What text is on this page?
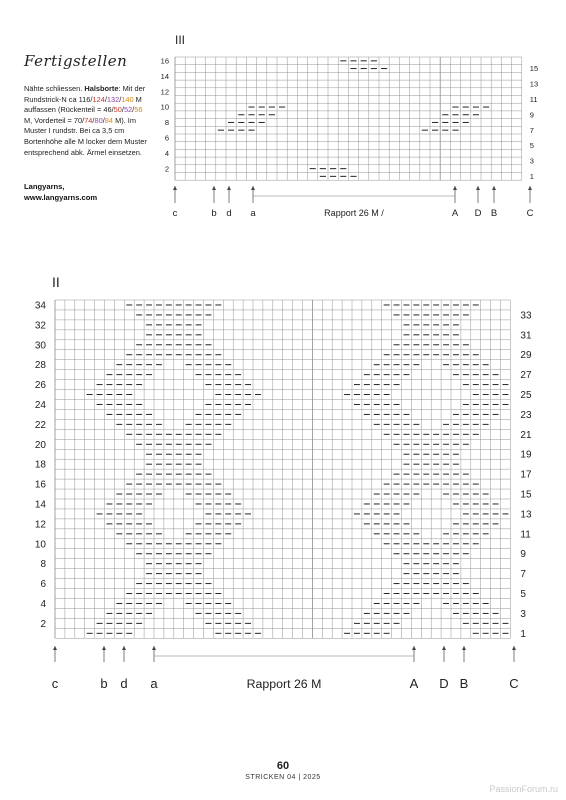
Fertigstellen
Nähte schliessen. Halsborte: Mit der Rundstrick-N ca 116/124/132/140 M auffassen (Rückenteil = 46/50/52/56 M, Vorderteil = 70/74/80/84 M). Im Muster I rundstr. Bei ca 3,5 cm Bortenhöhe alle M locker dem Muster entsprechend abk. Ärmel einsetzen.
Langyarns,
www.langyarns.com
III
2
4
6
8
10
12
14
16
1
3
5
7
9
11
13
15
c	b d a	A D B	C
Rapport 26 M /
II
2
4
6
8
10
12
14
16
18
20
22
24
26
28
30
32
34
1
3
5
7
9
11
13
15
17
19
21
23
25
27
29
31
33
c	b d a	A D B	C
Rapport 26 M
60
STRICKEN 04 | 2025
PassionForum.ru
